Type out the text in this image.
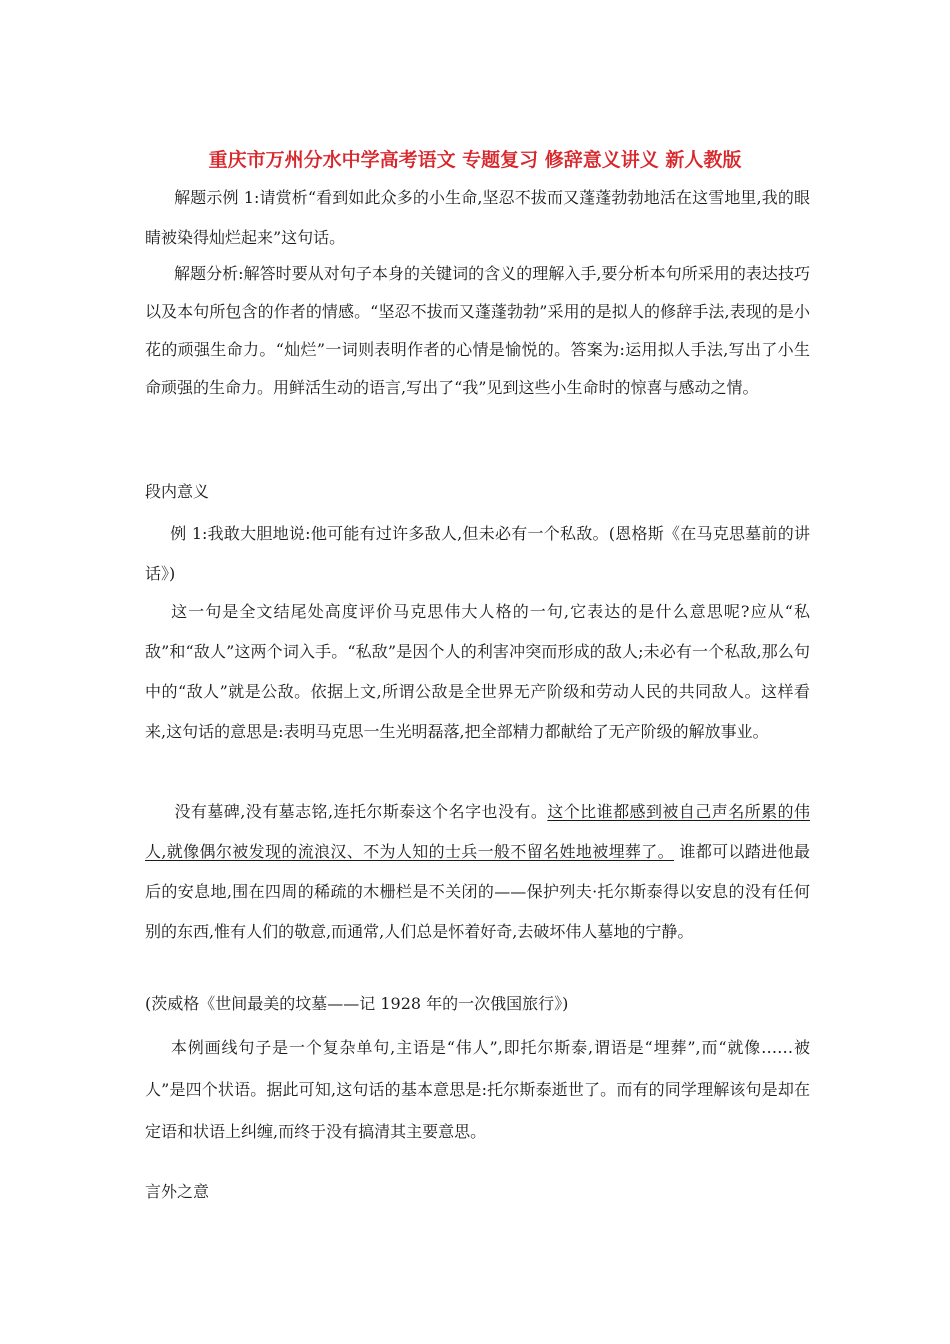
重庆市万州分水中学高考语文 专题复习 修辞意义讲义 新人教版

解题示例 1:请赏析“看到如此众多的小生命,坚忍不拔而又蓬蓬勃勃地活在这雪地里,我的眼睛被染得灿烂起来”这句话。

解题分析:解答时要从对句子本身的关键词的含义的理解入手,要分析本句所采用的表达技巧以及本句所包含的作者的情感。“坚忍不拔而又蓬蓬勃勃”采用的是拟人的修辞手法,表现的是小花的顽强生命力。“灿烂”一词则表明作者的心情是愉悦的。答案为:运用拟人手法,写出了小生命顽强的生命力。用鲜活生动的语言,写出了“我”见到这些小生命时的惊喜与感动之情。

段内意义

例 1:我敢大胆地说:他可能有过许多敌人,但未必有一个私敌。(恩格斯《在马克思墓前的讲话》)

这一句是全文结尾处高度评价马克思伟大人格的一句,它表达的是什么意思呢?应从“私敌”和“敌人”这两个词入手。“私敌”是因个人的利害冲突而形成的敌人;未必有一个私敌,那么句中的“敌人”就是公敌。依据上文,所谓公敌是全世界无产阶级和劳动人民的共同敌人。这样看来,这句话的意思是:表明马克思一生光明磊落,把全部精力都献给了无产阶级的解放事业。

没有墓碑,没有墓志铭,连托尔斯泰这个名字也没有。这个比谁都感到被自己声名所累的伟人,就像偶尔被发现的流浪汉、不为人知的士兵一般不留名姓地被埋葬了。 谁都可以踏进他最后的安息地,围在四周的稀疏的木栅栏是不关闭的——保护列夫·托尔斯泰得以安息的没有任何别的东西,惟有人们的敬意,而通常,人们总是怀着好奇,去破坏伟人墓地的宁静。

(茨威格《世间最美的坟墓——记 1928 年的一次俄国旅行》)

本例画线句子是一个复杂单句,主语是“伟人”,即托尔斯泰,谓语是“埋葬”,而“就像……被人”是四个状语。据此可知,这句话的基本意思是:托尔斯泰逝世了。而有的同学理解该句是却在定语和状语上纠缠,而终于没有搞清其主要意思。

言外之意
